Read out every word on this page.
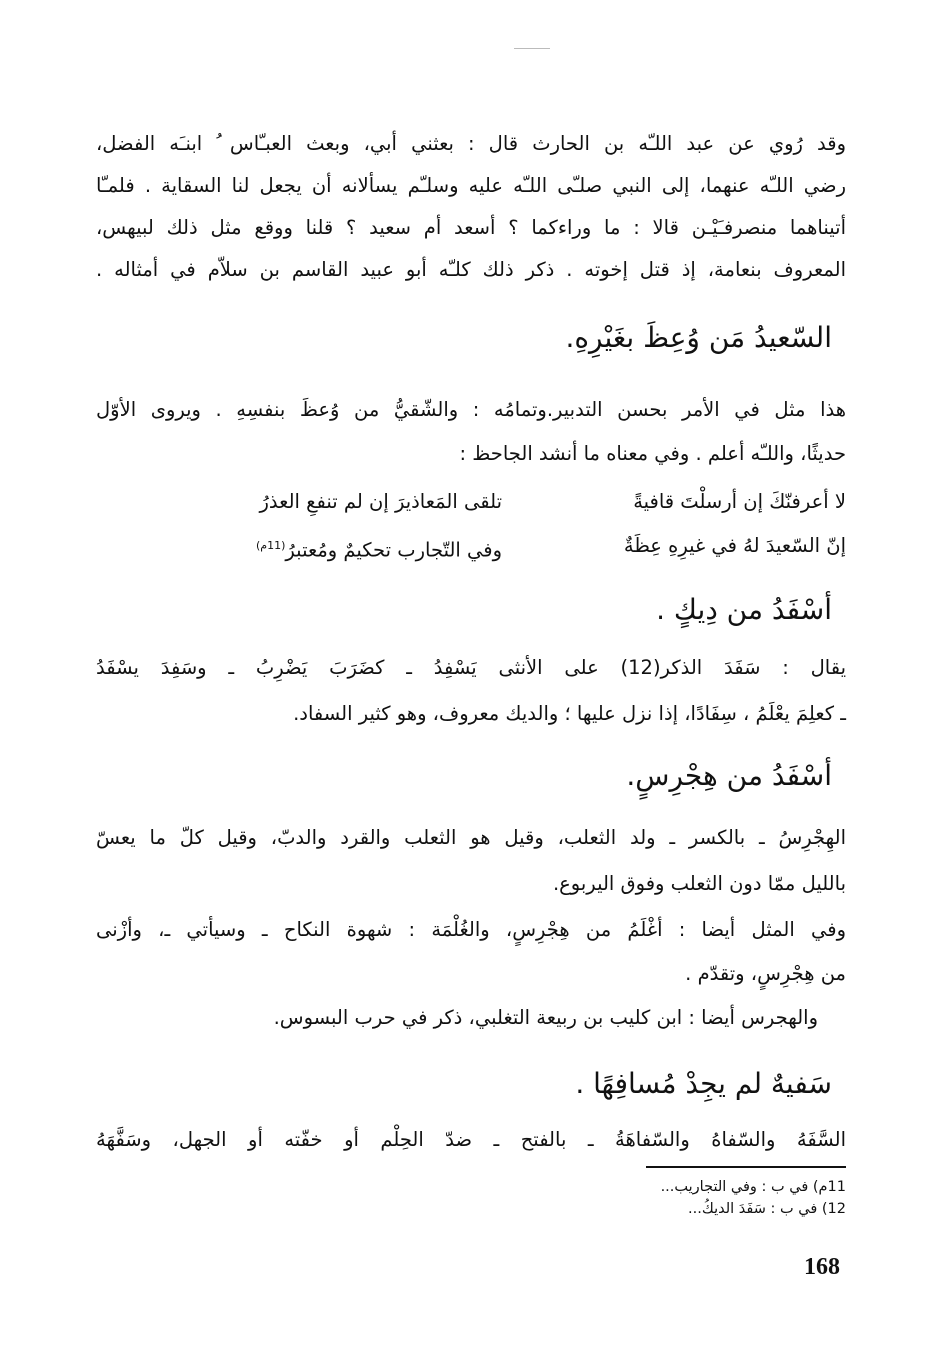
وقد رُوي عن عبد اللـّه بن الحارث قال : بعثني أبي، وبعث العبـّاس ُ ابنـَه الفضل،
رضي اللـّه عنهما، إلى النبي صلـّى اللـّه عليه وسلـّم يسألانه أن يجعل لنا السقاية . فلمـّا
أتيناهما منصرفـَيْـن قالا : ما وراءكما ؟ أسعد أم سعيد ؟ قلنا ووقع مثل ذلك لبيهس،
المعروف بنعامة، إذ قتل إخوته . ذكر ذلك كلـّه أبو عبيد القاسم بن سلاّم في أمثاله .
السّعيدُ مَن وُعِظَ بغَيْرِهِ.
هذا مثل في الأمر بحسن التدبير.وتمامُه : والشّقيُّ من وُعظَ بنفسِهِ . ويروى الأوّل
حديثًا، واللـّه أعلم . وفي معناه ما أنشد الجاحظ :
لا أعرفنّكَ إن أرسلْتَ قافيةً
تلقى المَعاذيرَ إن لم تنفعِ العذرُ
إنّ السّعيدَ لهُ في غيرِهِ عِظَةٌ
وفي التّجارب تحكيمٌ ومُعتبرُ$^{(11م)}$
أسْفَدُ من دِيكٍ .
يقال : سَفَدَ الذكر(12) على الأنثى يَسْفِدُ ـ كضَرَبَ يَضْرِبُ ـ وسَفِدَ يسْفَدُ
ـ كعلِمَ يعْلَمُ ، سِفَادًا، إذا نزل عليها ؛ والديك معروف، وهو كثير السفاد.
أسْفَدُ من هِجْرِسٍ.
الهِجْرِسُ ـ بالكسر ـ ولد الثعلب، وقيل هو الثعلب والقرد والدبّ، وقيل كلّ ما يعسّ
بالليل ممّا دون الثعلب وفوق اليربوع.
وفي المثل أيضا : أغْلَمُ من هِجْرِسٍ، والغُلْمَة : شهوة النكاح ـ وسيأتي ـ، وأزْنى
من هِجْرِسٍ، وتقدّم .
والهجرس أيضا : ابن كليب بن ربيعة التغلبي، ذكر في حرب البسوس.
سَفيهٌ لم يجِدْ مُسافِهًا .
السَّفَهُ والسّفاهُ والسّفاهَةُ ـ بالفتح ـ ضدّ الحِلْم أو خفّته أو الجهل، وسَفَّهَهُ
11م) في ب : وفي التجاريب...
12) في ب : سَفَدَ الديكُ...
168
